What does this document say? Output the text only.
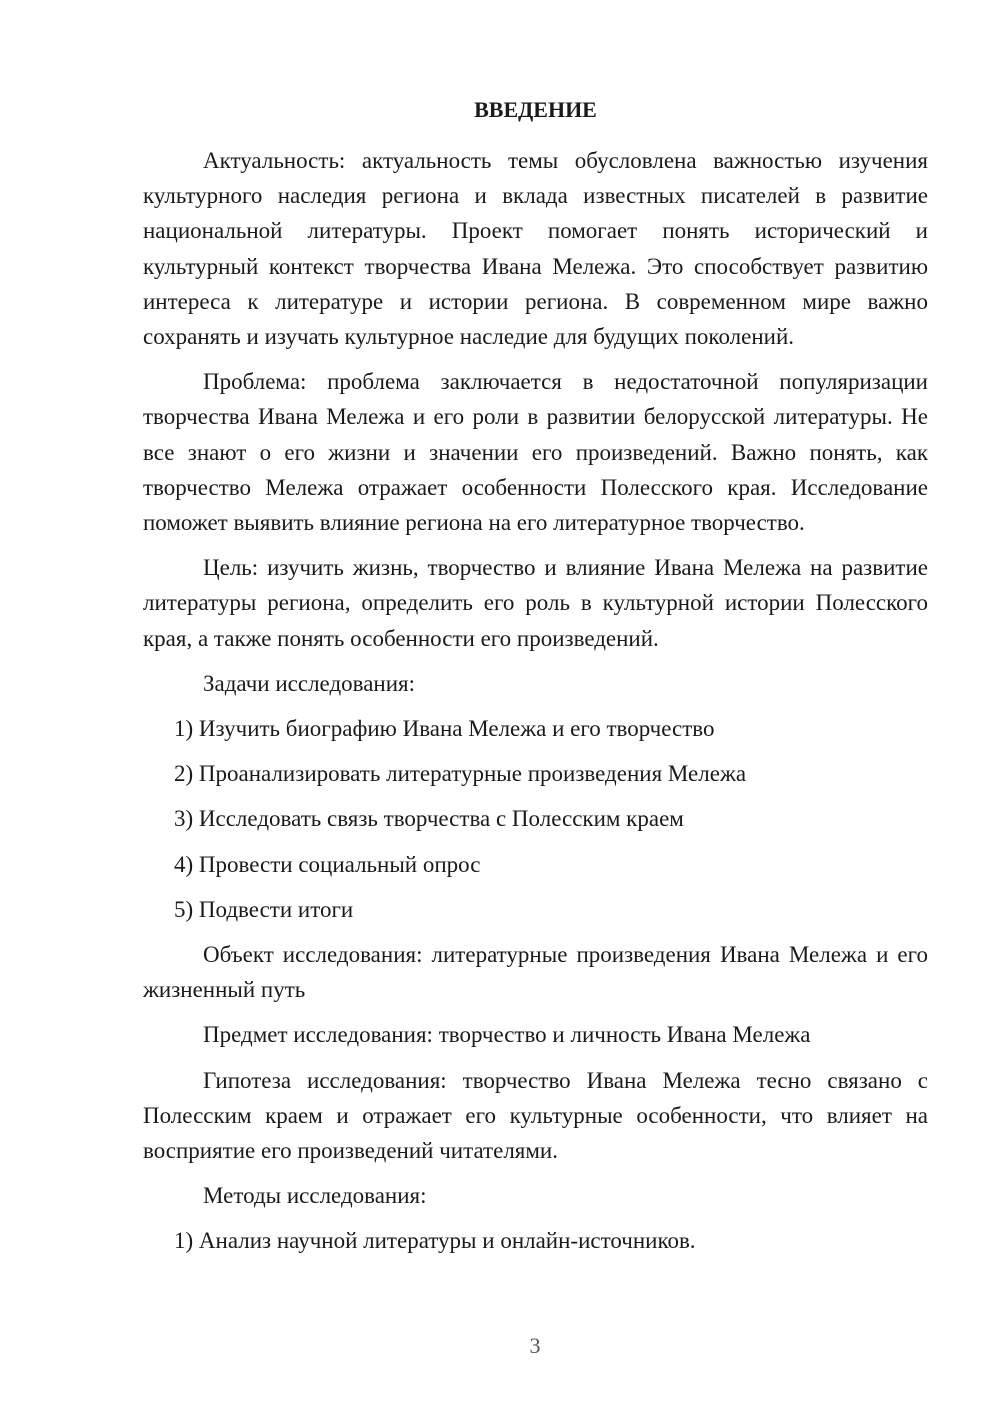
ВВЕДЕНИЕ

Актуальность: актуальность темы обусловлена важностью изучения культурного наследия региона и вклада известных писателей в развитие национальной литературы. Проект помогает понять исторический и культурный контекст творчества Ивана Мележа. Это способствует развитию интереса к литературе и истории региона. В современном мире важно сохранять и изучать культурное наследие для будущих поколений.

Проблема: проблема заключается в недостаточной популяризации творчества Ивана Мележа и его роли в развитии белорусской литературы. Не все знают о его жизни и значении его произведений. Важно понять, как творчество Мележа отражает особенности Полесского края. Исследование поможет выявить влияние региона на его литературное творчество.

Цель: изучить жизнь, творчество и влияние Ивана Мележа на развитие литературы региона, определить его роль в культурной истории Полесского края, а также понять особенности его произведений.

Задачи исследования:

1) Изучить биографию Ивана Мележа и его творчество

2) Проанализировать литературные произведения Мележа

3) Исследовать связь творчества с Полесским краем

4) Провести социальный опрос

5) Подвести итоги

Объект исследования: литературные произведения Ивана Мележа и его жизненный путь

Предмет исследования: творчество и личность Ивана Мележа

Гипотеза исследования: творчество Ивана Мележа тесно связано с Полесским краем и отражает его культурные особенности, что влияет на восприятие его произведений читателями.

Методы исследования:

1) Анализ научной литературы и онлайн-источников.

3
